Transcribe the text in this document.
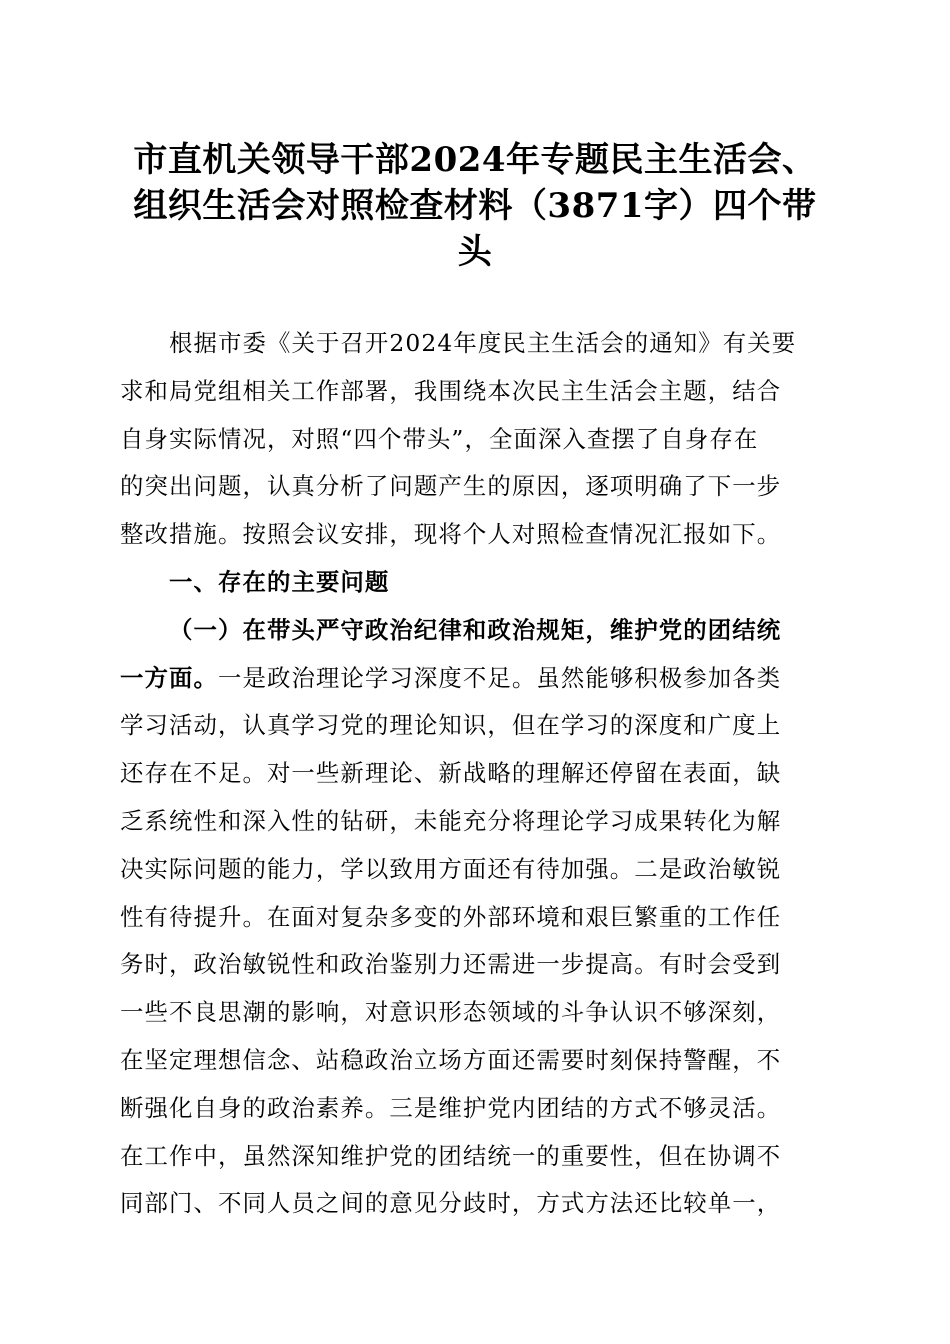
市直机关领导干部2024年专题民主生活会、
组织生活会对照检查材料（3871字）四个带
头
根据市委《关于召开2024年度民主生活会的通知》有关要
求和局党组相关工作部署，我围绕本次民主生活会主题，结合
自身实际情况，对照“四个带头”，全面深入查摆了自身存在
的突出问题，认真分析了问题产生的原因，逐项明确了下一步
整改措施。按照会议安排，现将个人对照检查情况汇报如下。
一、存在的主要问题
（一）在带头严守政治纪律和政治规矩，维护党的团结统
一方面。一是政治理论学习深度不足。虽然能够积极参加各类
学习活动，认真学习党的理论知识，但在学习的深度和广度上
还存在不足。对一些新理论、新战略的理解还停留在表面，缺
乏系统性和深入性的钻研，未能充分将理论学习成果转化为解
决实际问题的能力，学以致用方面还有待加强。二是政治敏锐
性有待提升。在面对复杂多变的外部环境和艰巨繁重的工作任
务时，政治敏锐性和政治鉴别力还需进一步提高。有时会受到
一些不良思潮的影响，对意识形态领域的斗争认识不够深刻，
在坚定理想信念、站稳政治立场方面还需要时刻保持警醒，不
断强化自身的政治素养。三是维护党内团结的方式不够灵活。
在工作中，虽然深知维护党的团结统一的重要性，但在协调不
同部门、不同人员之间的意见分歧时，方式方法还比较单一，
